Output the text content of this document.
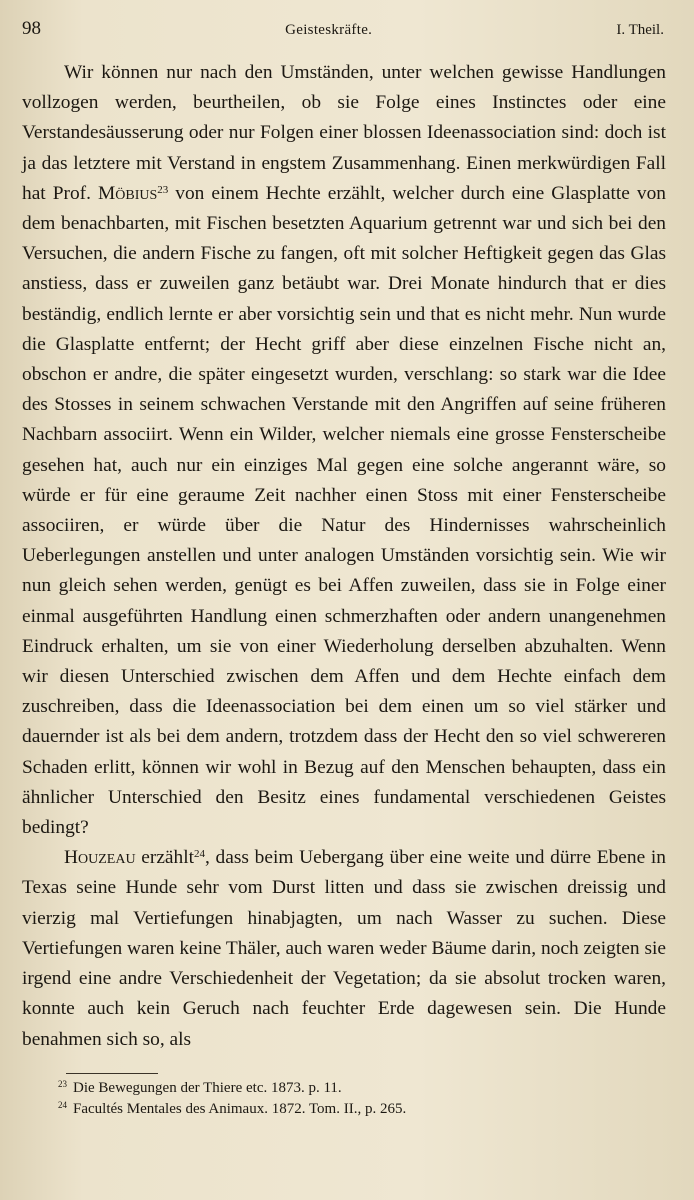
98	Geisteskräfte.	I. Theil.

Wir können nur nach den Umständen, unter welchen gewisse Handlungen vollzogen werden, beurtheilen, ob sie Folge eines Instinctes oder eine Verstandesäusserung oder nur Folgen einer blossen Ideenassociation sind: doch ist ja das letztere mit Verstand in engstem Zusammenhang. Einen merkwürdigen Fall hat Prof. Möbius$^{23}$ von einem Hechte erzählt, welcher durch eine Glasplatte von dem benachbarten, mit Fischen besetzten Aquarium getrennt war und sich bei den Versuchen, die andern Fische zu fangen, oft mit solcher Heftigkeit gegen das Glas anstiess, dass er zuweilen ganz betäubt war. Drei Monate hindurch that er dies beständig, endlich lernte er aber vorsichtig sein und that es nicht mehr. Nun wurde die Glasplatte entfernt; der Hecht griff aber diese einzelnen Fische nicht an, obschon er andre, die später eingesetzt wurden, verschlang: so stark war die Idee des Stosses in seinem schwachen Verstande mit den Angriffen auf seine früheren Nachbarn associirt. Wenn ein Wilder, welcher niemals eine grosse Fensterscheibe gesehen hat, auch nur ein einziges Mal gegen eine solche angerannt wäre, so würde er für eine geraume Zeit nachher einen Stoss mit einer Fensterscheibe associiren, er würde über die Natur des Hindernisses wahrscheinlich Ueberlegungen anstellen und unter analogen Umständen vorsichtig sein. Wie wir nun gleich sehen werden, genügt es bei Affen zuweilen, dass sie in Folge einer einmal ausgeführten Handlung einen schmerzhaften oder andern unangenehmen Eindruck erhalten, um sie von einer Wiederholung derselben abzuhalten. Wenn wir diesen Unterschied zwischen dem Affen und dem Hechte einfach dem zuschreiben, dass die Ideenassociation bei dem einen um so viel stärker und dauernder ist als bei dem andern, trotzdem dass der Hecht den so viel schwereren Schaden erlitt, können wir wohl in Bezug auf den Menschen behaupten, dass ein ähnlicher Unterschied den Besitz eines fundamental verschiedenen Geistes bedingt?

Houzeau erzählt$^{24}$, dass beim Uebergang über eine weite und dürre Ebene in Texas seine Hunde sehr vom Durst litten und dass sie zwischen dreissig und vierzig mal Vertiefungen hinabjagten, um nach Wasser zu suchen. Diese Vertiefungen waren keine Thäler, auch waren weder Bäume darin, noch zeigten sie irgend eine andre Verschiedenheit der Vegetation; da sie absolut trocken waren, konnte auch kein Geruch nach feuchter Erde dagewesen sein. Die Hunde benahmen sich so, als

$^{23}$ Die Bewegungen der Thiere etc. 1873. p. 11.
$^{24}$ Facultés Mentales des Animaux. 1872. Tom. II., p. 265.
